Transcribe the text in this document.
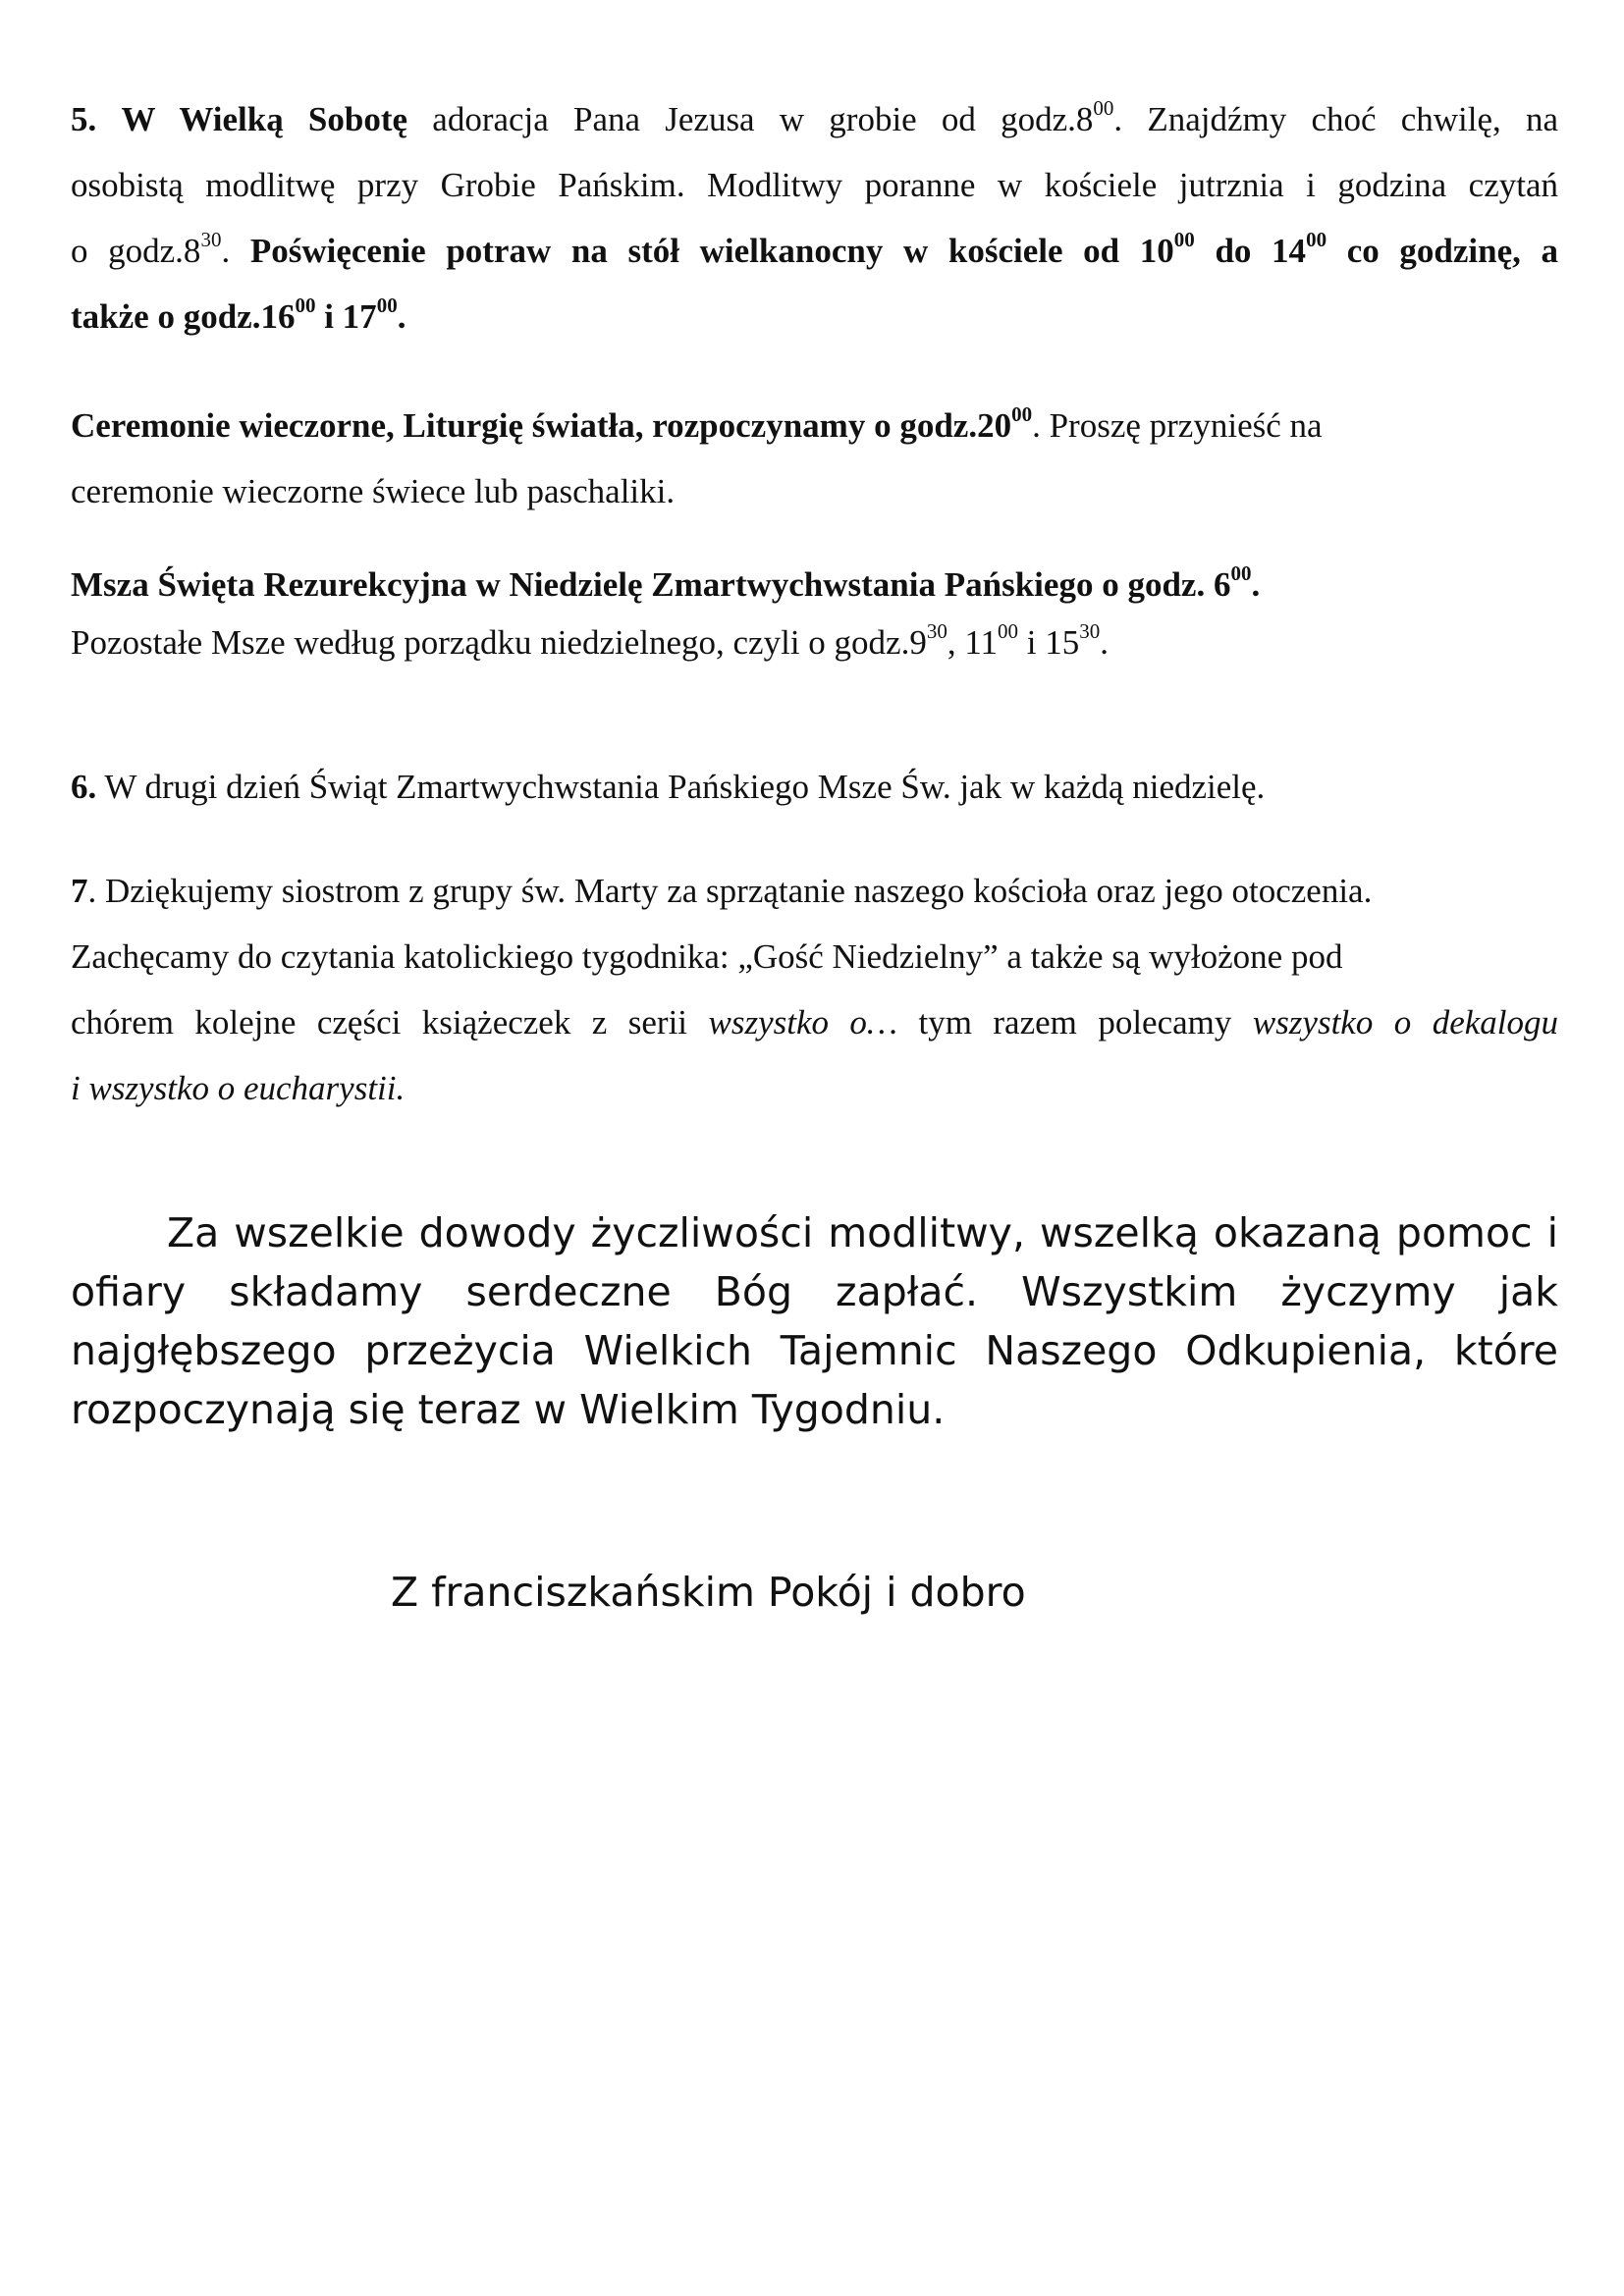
5. W Wielką Sobotę adoracja Pana Jezusa w grobie od $godz.8^{00}$. Znajdźmy choć chwilę, na
osobistą modlitwę przy Grobie Pańskim. Modlitwy poranne w kościele jutrznia i godzina czytań
o $godz.8^{30}$. Poświęcenie potraw na stół wielkanocny w kościele od $10^{00}$ do $14^{00}$ co godzinę, a
także o $godz.16^{00}$ i $17^{00}$.
Ceremonie wieczorne, Liturgię światła, rozpoczynamy o $godz.20^{00}$. Proszę przynieść na
ceremonie wieczorne świece lub paschaliki.
Msza Święta Rezurekcyjna w Niedzielę Zmartwychwstania Pańskiego o godz. $6^{00}$.
Pozostałe Msze według porządku niedzielnego, czyli o $godz.9^{30}$, $11^{00}$ i $15^{30}$.
6. W drugi dzień Świąt Zmartwychwstania Pańskiego Msze Św. jak w każdą niedzielę.
7. Dziękujemy siostrom z grupy św. Marty za sprzątanie naszego kościoła oraz jego otoczenia.
Zachęcamy do czytania katolickiego tygodnika: „Gość Niedzielny” a także są wyłożone pod
chórem kolejne części książeczek z serii wszystko o… tym razem polecamy wszystko o dekalogu
i wszystko o eucharystii.
Za wszelkie dowody życzliwości modlitwy, wszelką okazaną pomoc i
ofiary składamy serdeczne Bóg zapłać. Wszystkim życzymy jak
najgłębszego przeżycia Wielkich Tajemnic Naszego Odkupienia, które
rozpoczynają się teraz w Wielkim Tygodniu.

Z franciszkańskim Pokój i dobro
